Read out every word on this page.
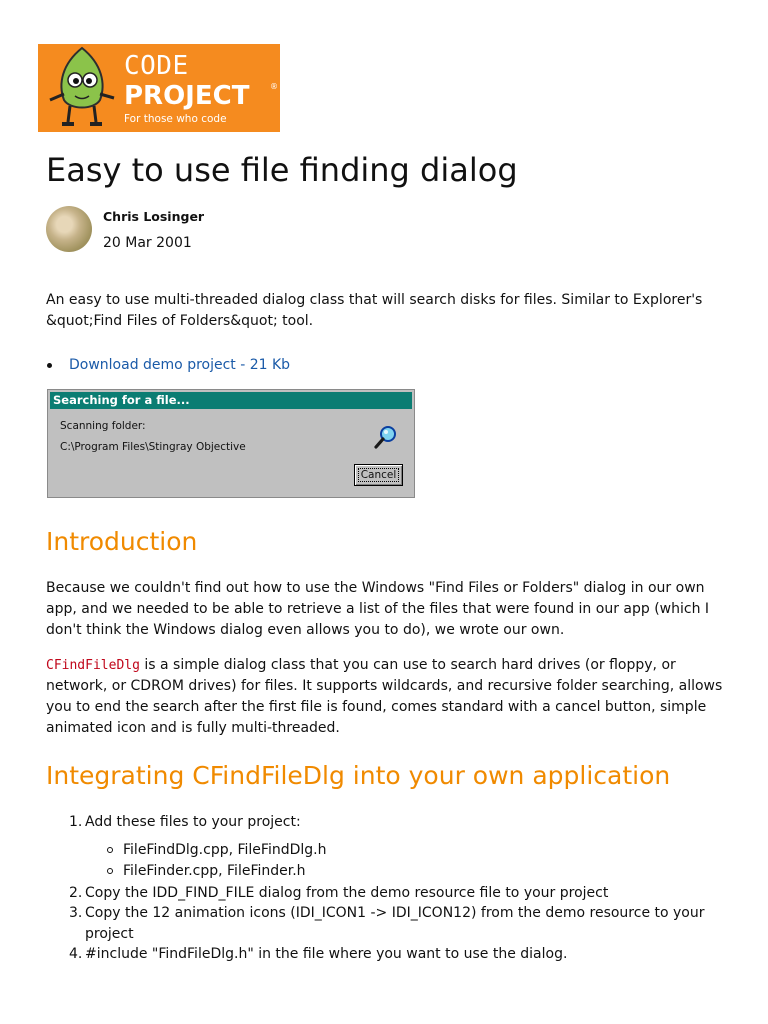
CODE
PROJECT	®
For those who code
Easy to use file finding dialog
Chris Losinger
20 Mar 2001

An easy to use multi-threaded dialog class that will search disks for files. Similar to Explorer's &quot;Find Files of Folders&quot; tool.

Download demo project - 21 Kb
Searching for a file...
Scanning folder:
C:\Program Files\Stingray Objective
Cancel
Introduction

Because we couldn't find out how to use the Windows "Find Files or Folders" dialog in our own app, and we needed to be able to retrieve a list of the files that were found in our app (which I don't think the Windows dialog even allows you to do), we wrote our own.

CFindFileDlg is a simple dialog class that you can use to search hard drives (or floppy, or network, or CDROM drives) for files. It supports wildcards, and recursive folder searching, allows you to end the search after the first file is found, comes standard with a cancel button, simple animated icon and is fully multi-threaded.

Integrating CFindFileDlg into your own application
1. Add these files to your project:
FileFindDlg.cpp, FileFindDlg.h
FileFinder.cpp, FileFinder.h
2. Copy the IDD_FIND_FILE dialog from the demo resource file to your project
3. Copy the 12 animation icons (IDI_ICON1 -> IDI_ICON12) from the demo resource to your project
4. #include "FindFileDlg.h" in the file where you want to use the dialog.
